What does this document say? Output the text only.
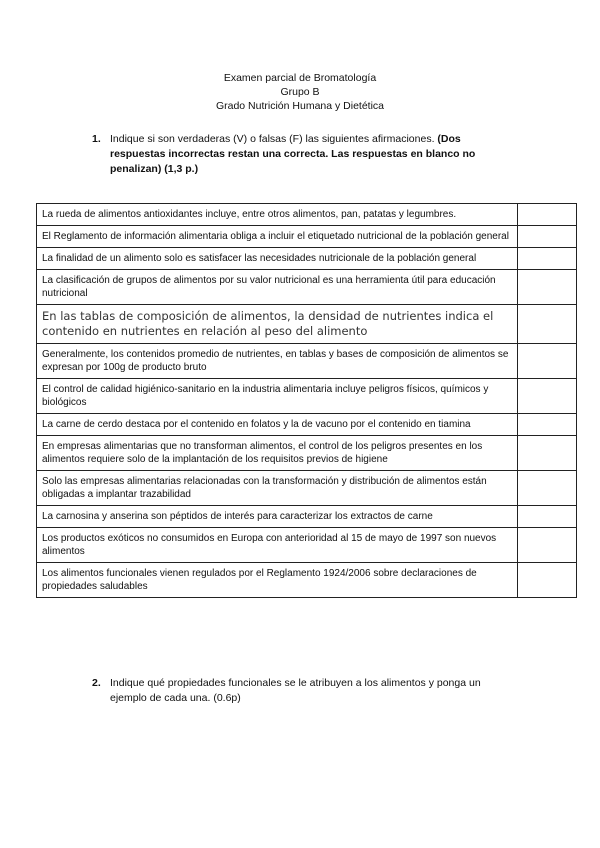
Examen parcial de Bromatología
Grupo B
Grado Nutrición Humana y Dietética
1. Indique si son verdaderas (V) o falsas (F) las siguientes afirmaciones. (Dos respuestas incorrectas restan una correcta. Las respuestas en blanco no penalizan) (1,3 p.)
La rueda de alimentos antioxidantes incluye, entre otros alimentos, pan, patatas y legumbres.	
El Reglamento de información alimentaria obliga a incluir el etiquetado nutricional de la población general	
La finalidad de un alimento solo es satisfacer las necesidades nutricionale de la población general	
La clasificación de grupos de alimentos por su valor nutricional es una herramienta útil para educación nutricional	
En las tablas de composición de alimentos, la densidad de nutrientes indica el contenido en nutrientes en relación al peso del alimento	
Generalmente, los contenidos promedio de nutrientes, en tablas y bases de composición de alimentos se expresan por 100g de producto bruto	
El control de calidad higiénico-sanitario en la industria alimentaria incluye peligros físicos, químicos y biológicos	
La carne de cerdo destaca por el contenido en folatos y la de vacuno por el contenido en tiamina	
En empresas alimentarias que no transforman alimentos, el control de los peligros presentes en los alimentos requiere solo de la implantación de los requisitos previos de higiene	
Solo las empresas alimentarias relacionadas con la transformación y distribución de alimentos están obligadas a implantar trazabilidad	
La carnosina y anserina son péptidos de interés para caracterizar los extractos de carne	
Los productos exóticos no consumidos en Europa con anterioridad al 15 de mayo de 1997 son nuevos alimentos	
Los alimentos funcionales vienen regulados por el Reglamento 1924/2006 sobre declaraciones de propiedades saludables	
2. Indique qué propiedades funcionales se le atribuyen a los alimentos y ponga un ejemplo de cada una. (0.6p)
